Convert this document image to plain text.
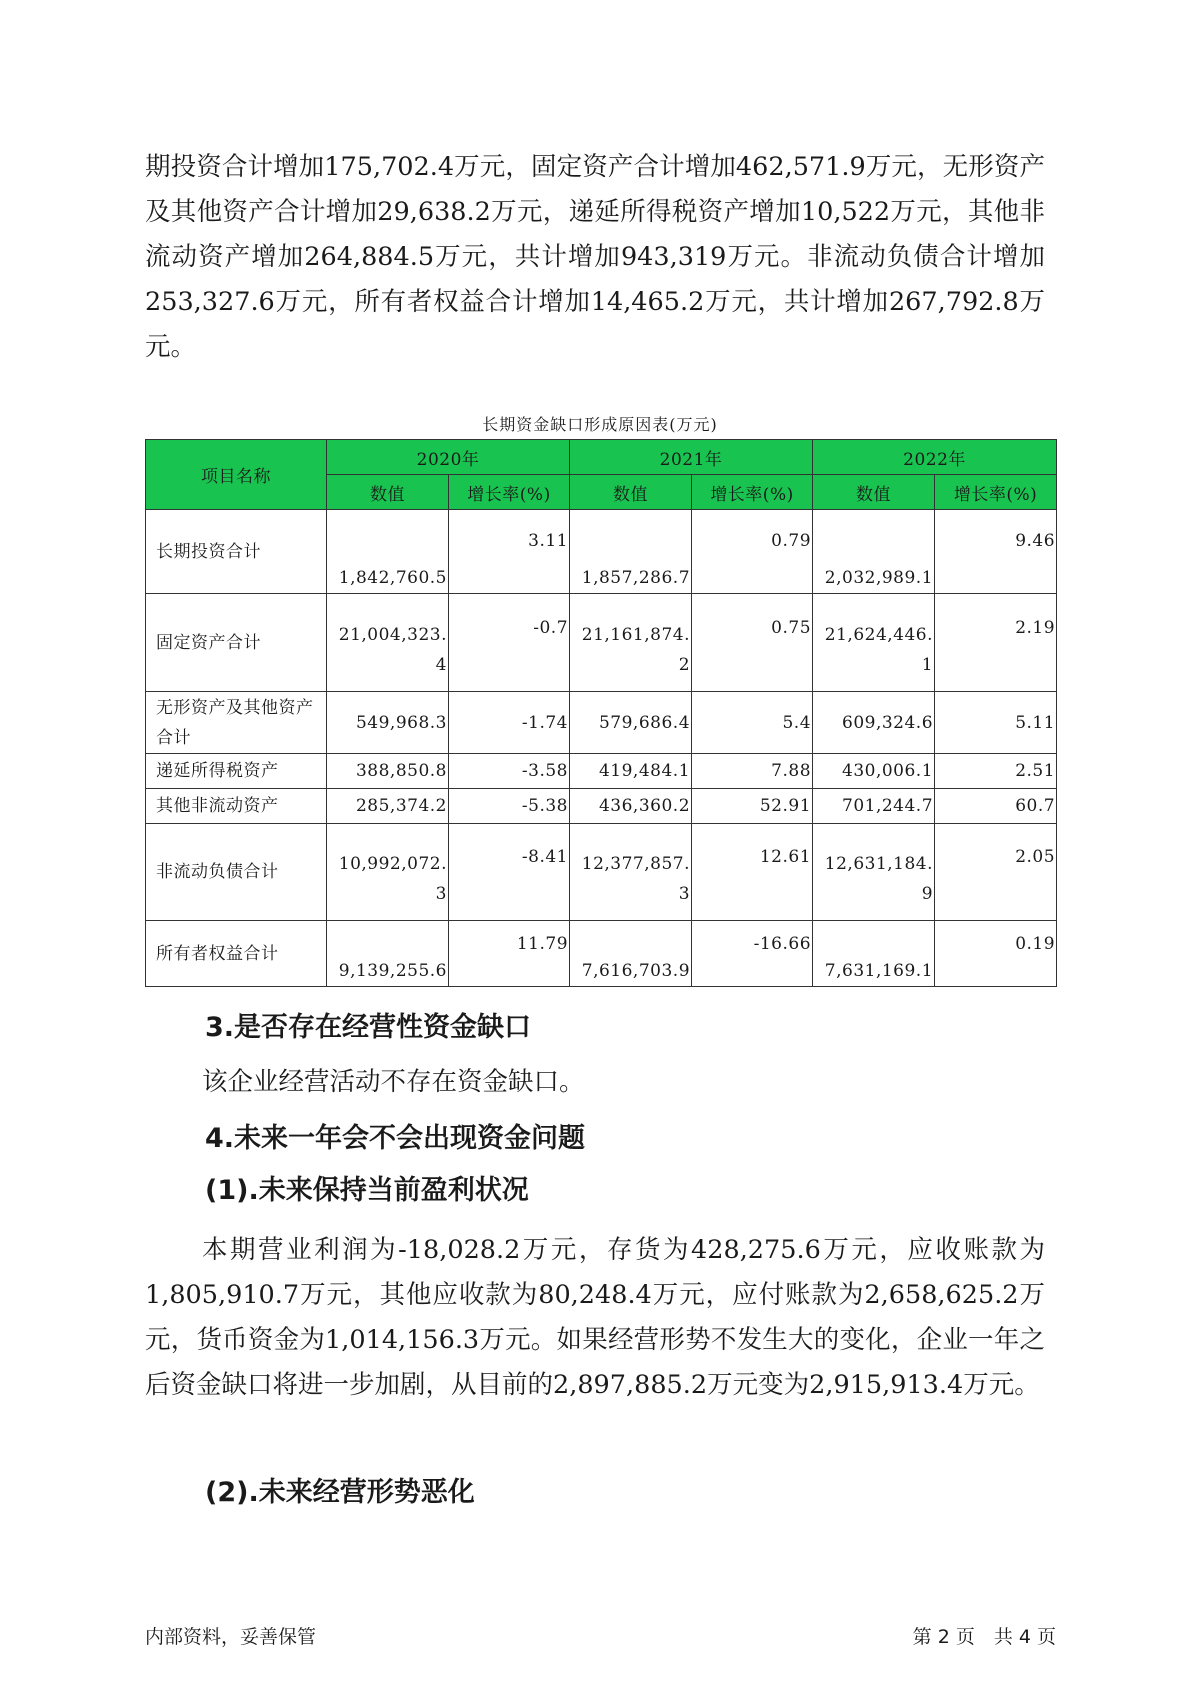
期投资合计增加175,702.4万元，固定资产合计增加462,571.9万元，无形资产及其他资产合计增加29,638.2万元，递延所得税资产增加10,522万元，其他非流动资产增加264,884.5万元，共计增加943,319万元。非流动负债合计增加253,327.6万元，所有者权益合计增加14,465.2万元，共计增加267,792.8万元。

长期资金缺口形成原因表(万元)
项目名称	2020年		2021年		2022年	
	数值	增长率(%)	数值	增长率(%)	数值	增长率(%)
长期投资合计	1,842,760.5	3.11	1,857,286.7	0.79	2,032,989.1	9.46
固定资产合计	21,004,323.4	-0.7	21,161,874.2	0.75	21,624,446.1	2.19
无形资产及其他资产合计	549,968.3	-1.74	579,686.4	5.4	609,324.6	5.11
递延所得税资产	388,850.8	-3.58	419,484.1	7.88	430,006.1	2.51
其他非流动资产	285,374.2	-5.38	436,360.2	52.91	701,244.7	60.7
非流动负债合计	10,992,072.3	-8.41	12,377,857.3	12.61	12,631,184.9	2.05
所有者权益合计	9,139,255.6	11.79	7,616,703.9	-16.66	7,631,169.1	0.19
3.是否存在经营性资金缺口

该企业经营活动不存在资金缺口。

4.未来一年会不会出现资金问题
(1).未来保持当前盈利状况

本期营业利润为-18,028.2万元，存货为428,275.6万元，应收账款为1,805,910.7万元，其他应收款为80,248.4万元，应付账款为2,658,625.2万元，货币资金为1,014,156.3万元。如果经营形势不发生大的变化，企业一年之后资金缺口将进一步加剧，从目前的2,897,885.2万元变为2,915,913.4万元。

(2).未来经营形势恶化
内部资料，妥善保管	第 2 页　共 4 页
